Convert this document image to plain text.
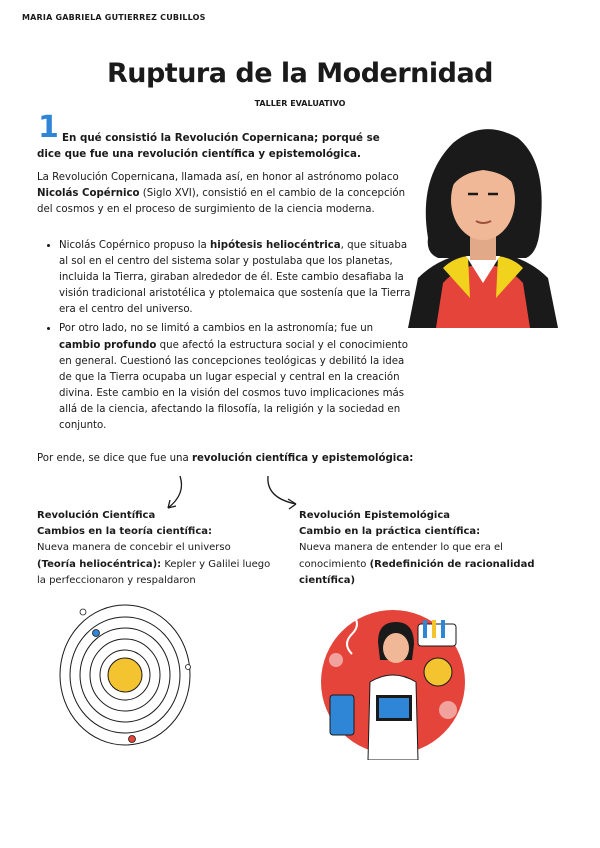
MARIA GABRIELA GUTIERREZ CUBILLOS
Ruptura de la Modernidad
TALLER EVALUATIVO
1 En qué consistió la Revolución Copernicana; porqué se dice que fue una revolución científica y epistemológica.
La Revolución Copernicana, llamada así, en honor al astrónomo polaco Nicolás Copérnico (Siglo XVI), consistió en el cambio de la concepción del cosmos y en el proceso de surgimiento de la ciencia moderna.
• Nicolás Copérnico propuso la hipótesis heliocéntrica, que situaba al sol en el centro del sistema solar y postulaba que los planetas, incluida la Tierra, giraban alrededor de él. Este cambio desafiaba la visión tradicional aristotélica y ptolemaica que sostenía que la Tierra era el centro del universo.
• Por otro lado, no se limitó a cambios en la astronomía; fue un cambio profundo que afectó la estructura social y el conocimiento en general. Cuestionó las concepciones teológicas y debilitó la idea de que la Tierra ocupaba un lugar especial y central en la creación divina. Este cambio en la visión del cosmos tuvo implicaciones más allá de la ciencia, afectando la filosofía, la religión y la sociedad en conjunto.
Por ende, se dice que fue una revolución científica y epistemológica:
Revolución Científica
Cambios en la teoría científica:
Nueva manera de concebir el universo
(Teoría heliocéntrica): Kepler y Galilei luego la perfeccionaron y respaldaron
Revolución Epistemológica
Cambio en la práctica científica:
Nueva manera de entender lo que era el conocimiento (Redefinición de racionalidad científica)
